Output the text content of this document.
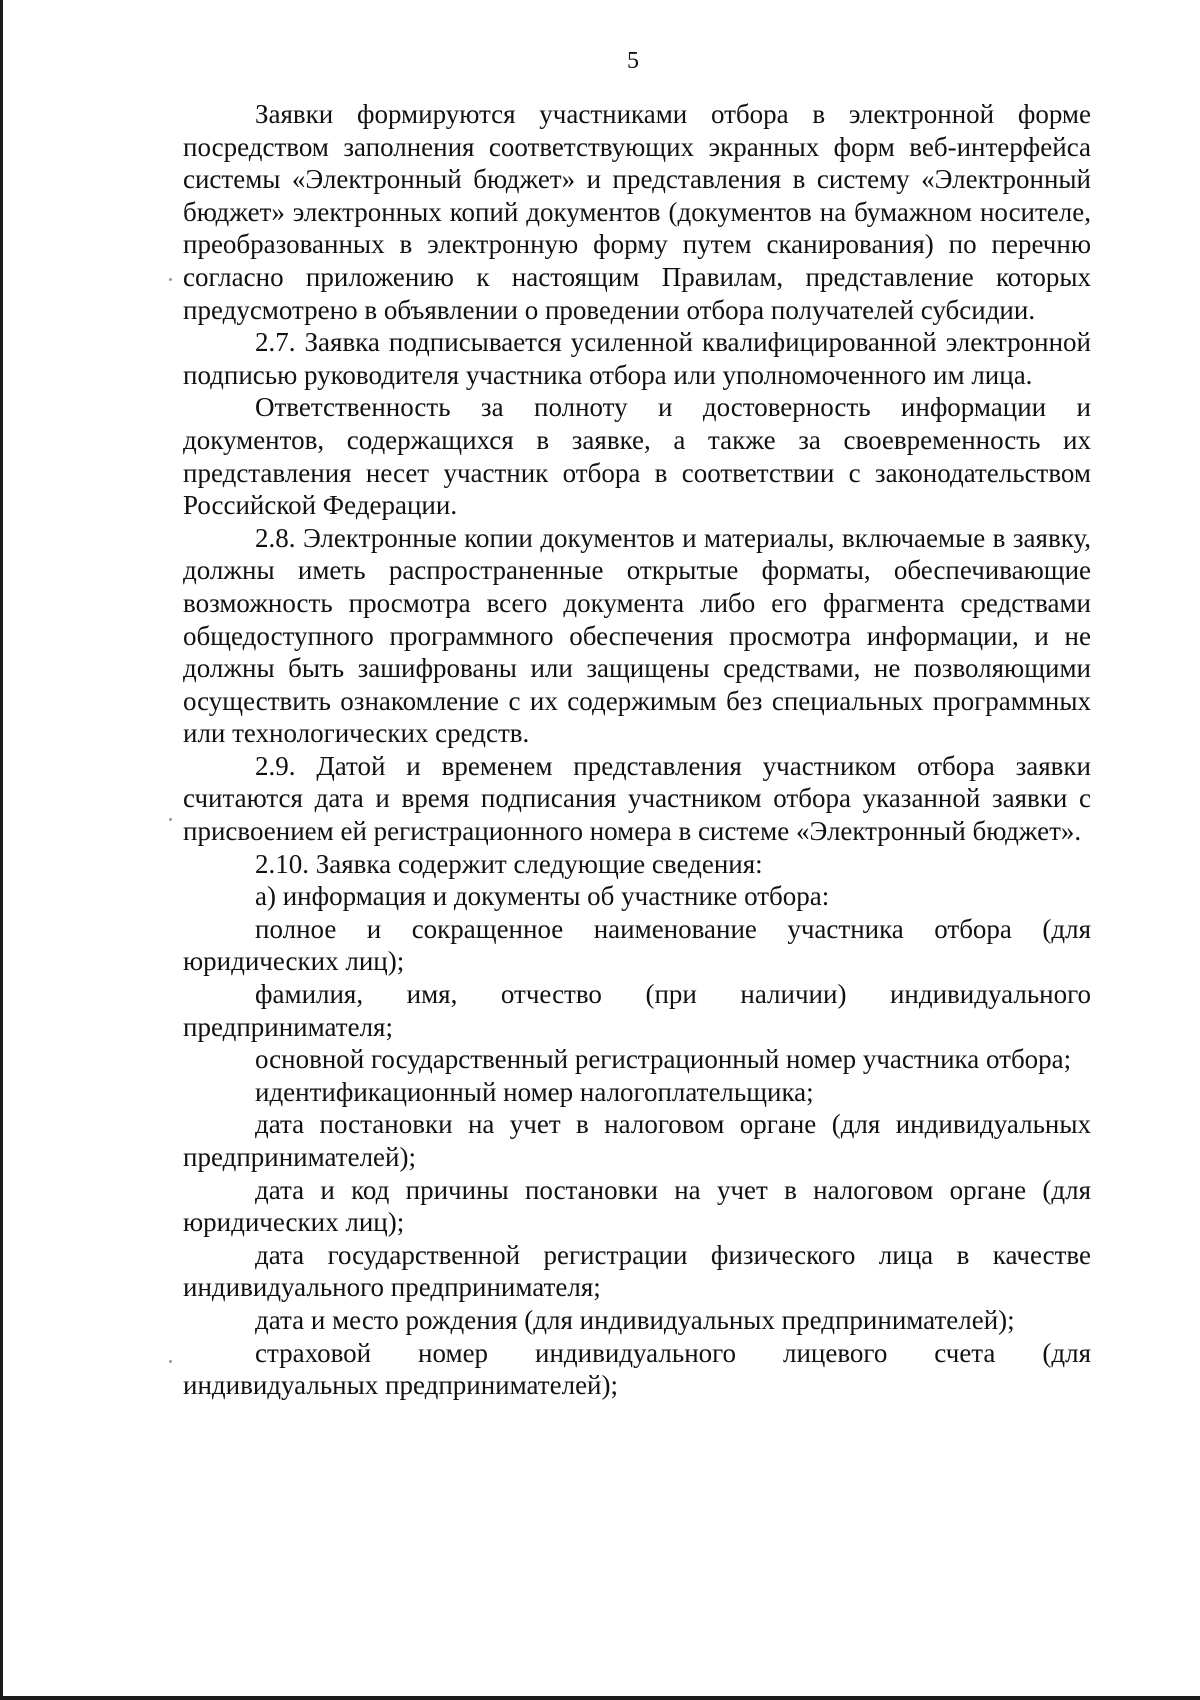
5

Заявки формируются участниками отбора в электронной форме посредством заполнения соответствующих экранных форм веб-интерфейса системы «Электронный бюджет» и представления в систему «Электронный бюджет» электронных копий документов (документов на бумажном носителе, преобразованных в электронную форму путем сканирования) по перечню согласно приложению к настоящим Правилам, представление которых предусмотрено в объявлении о проведении отбора получателей субсидии.

2.7. Заявка подписывается усиленной квалифицированной электронной подписью руководителя участника отбора или уполномоченного им лица.

Ответственность за полноту и достоверность информации и документов, содержащихся в заявке, а также за своевременность их представления несет участник отбора в соответствии с законодательством Российской Федерации.

2.8. Электронные копии документов и материалы, включаемые в заявку, должны иметь распространенные открытые форматы, обеспечивающие возможность просмотра всего документа либо его фрагмента средствами общедоступного программного обеспечения просмотра информации, и не должны быть зашифрованы или защищены средствами, не позволяющими осуществить ознакомление с их содержимым без специальных программных или технологических средств.

2.9. Датой и временем представления участником отбора заявки считаются дата и время подписания участником отбора указанной заявки с присвоением ей регистрационного номера в системе «Электронный бюджет».

2.10. Заявка содержит следующие сведения:

а) информация и документы об участнике отбора:

полное и сокращенное наименование участника отбора (для юридических лиц);

фамилия, имя, отчество (при наличии) индивидуального предпринимателя;

основной государственный регистрационный номер участника отбора;

идентификационный номер налогоплательщика;

дата постановки на учет в налоговом органе (для индивидуальных предпринимателей);

дата и код причины постановки на учет в налоговом органе (для юридических лиц);

дата государственной регистрации физического лица в качестве индивидуального предпринимателя;

дата и место рождения (для индивидуальных предпринимателей);

страховой номер индивидуального лицевого счета (для индивидуальных предпринимателей);
